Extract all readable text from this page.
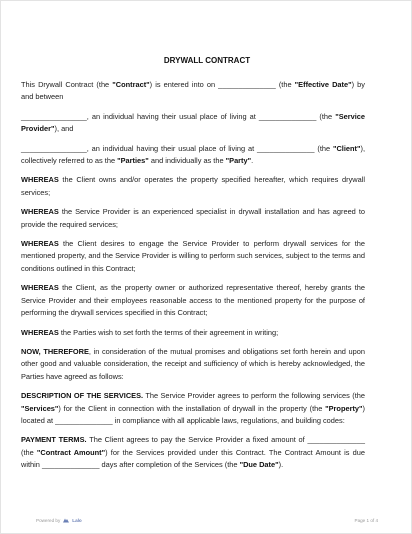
DRYWALL CONTRACT

This Drywall Contract (the "Contract") is entered into on ______________ (the "Effective Date") by and between

________________, an individual having their usual place of living at ______________ (the "Service Provider"), and

________________, an individual having their usual place of living at ______________ (the "Client"), collectively referred to as the "Parties" and individually as the "Party".

WHEREAS the Client owns and/or operates the property specified hereafter, which requires drywall services;

WHEREAS the Service Provider is an experienced specialist in drywall installation and has agreed to provide the required services;

WHEREAS the Client desires to engage the Service Provider to perform drywall services for the mentioned property, and the Service Provider is willing to perform such services, subject to the terms and conditions outlined in this Contract;

WHEREAS the Client, as the property owner or authorized representative thereof, hereby grants the Service Provider and their employees reasonable access to the mentioned property for the purpose of performing the drywall services specified in this Contract;

WHEREAS the Parties wish to set forth the terms of their agreement in writing;

NOW, THEREFORE, in consideration of the mutual promises and obligations set forth herein and upon other good and valuable consideration, the receipt and sufficiency of which is hereby acknowledged, the Parties have agreed as follows:

DESCRIPTION OF THE SERVICES. The Service Provider agrees to perform the following services (the "Services") for the Client in connection with the installation of drywall in the property (the "Property") located at ______________ in compliance with all applicable laws, regulations, and building codes:

PAYMENT TERMS. The Client agrees to pay the Service Provider a fixed amount of ______________ (the "Contract Amount") for the Services provided under this Contract. The Contract Amount is due within ______________ days after completion of the Services (the "Due Date").

Powered by	Lalo	Page 1 of 4
